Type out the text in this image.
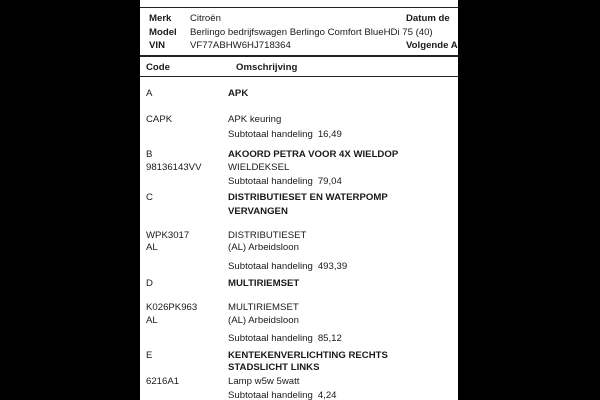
Merk Citroën	Datum de
Model Berlingo bedrijfswagen Berlingo Comfort BlueHDi 75 (40)
VIN	VF77ABHW6HJ718364	Volgende A
Code	Omschrijving
A	APK
CAPK	APK keuring
Subtotaal handeling 16,49
B	AKOORD PETRA VOOR 4X WIELDOP
98136143VV	WIELDEKSEL
Subtotaal handeling 79,04
C	DISTRIBUTIESET EN WATERPOMP
VERVANGEN
WPK3017	DISTRIBUTIESET
AL	(AL) Arbeidsloon
Subtotaal handeling 493,39
D	MULTIRIEMSET
K026PK963	MULTIRIEMSET
AL	(AL) Arbeidsloon
Subtotaal handeling 85,12
E	KENTEKENVERLICHTING RECHTS
STADSLICHT LINKS
6216A1	Lamp w5w 5watt
Subtotaal handeling 4,24
